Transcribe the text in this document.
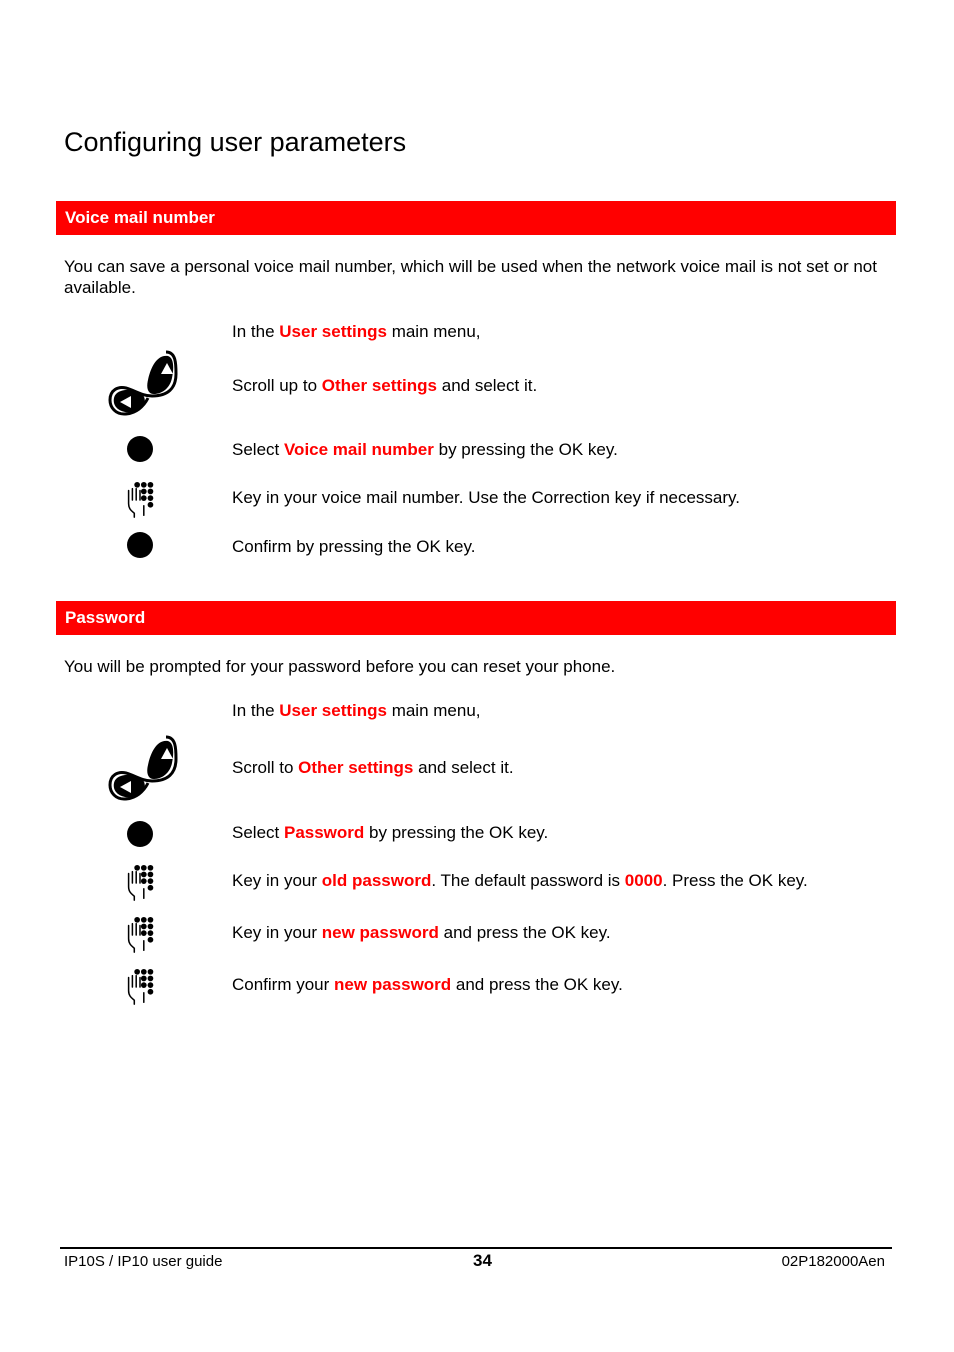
Configuring user parameters
Voice mail number

You can save a personal voice mail number, which will be used when the network voice mail is not set or not available.

In the User settings main menu,
Scroll up to Other settings and select it.
Select Voice mail number by pressing the OK key.
Key in your voice mail number. Use the Correction key if necessary.
Confirm by pressing the OK key.
Password

You will be prompted for your password before you can reset your phone.

In the User settings main menu,
Scroll to Other settings and select it.
Select Password by pressing the OK key.
Key in your old password. The default password is 0000. Press the OK key.
Key in your new password and press the OK key.
Confirm your new password and press the OK key.
IP10S / IP10 user guide	34	02P182000Aen
